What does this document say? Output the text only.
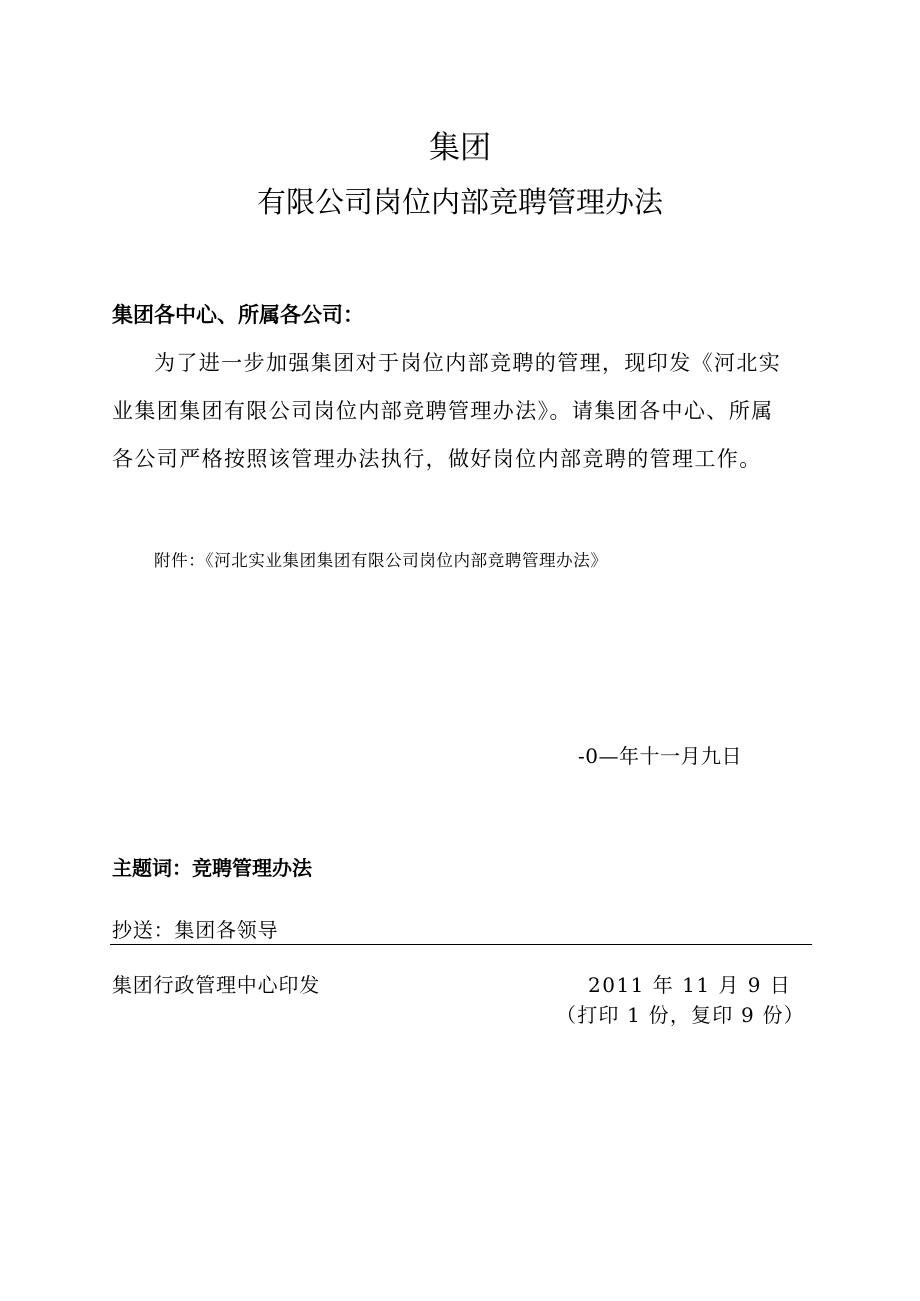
集团
有限公司岗位内部竞聘管理办法
集团各中心、所属各公司：
为了进一步加强集团对于岗位内部竞聘的管理，现印发《河北实
业集团集团有限公司岗位内部竞聘管理办法》。请集团各中心、所属
各公司严格按照该管理办法执行，做好岗位内部竞聘的管理工作。
附件：《河北实业集团集团有限公司岗位内部竞聘管理办法》
-0—年十一月九日
主题词：竞聘管理办法
抄送：集团各领导
集团行政管理中心印发	2011 年 11 月 9 日
（打印 1 份，复印 9 份）
